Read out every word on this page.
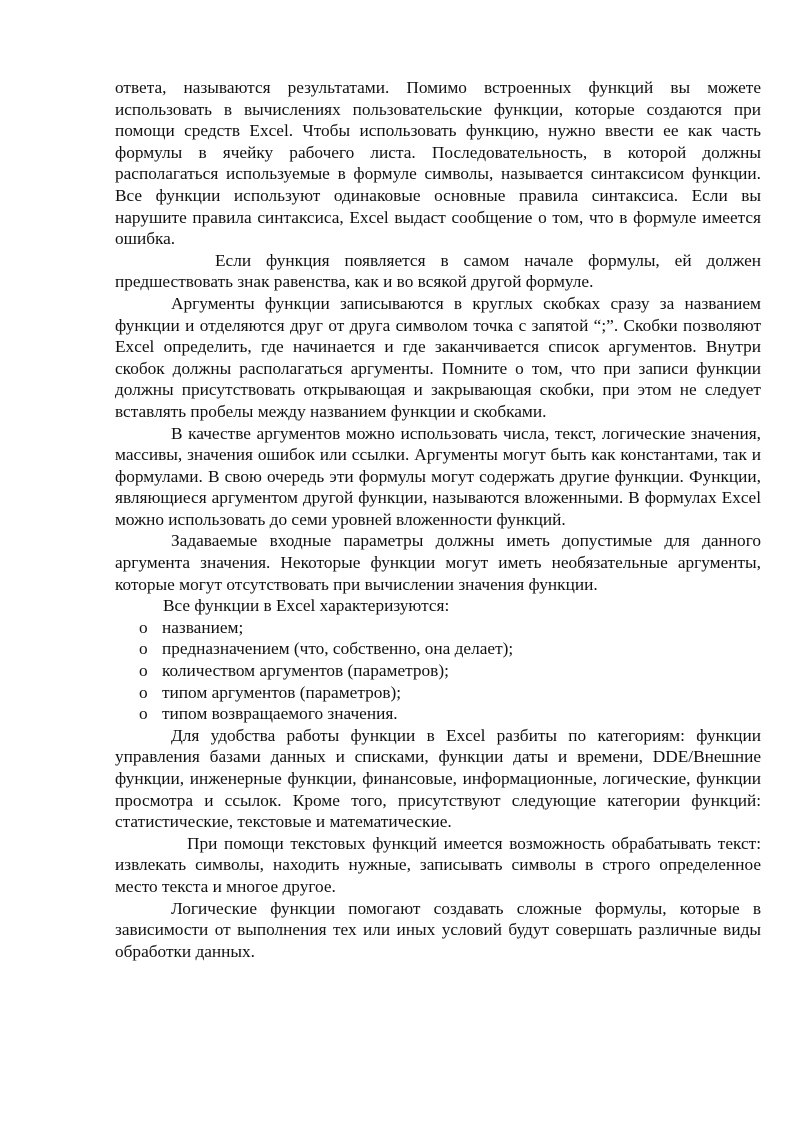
ответа, называются результатами. Помимо встроенных функций вы можете использовать в вычислениях пользовательские функции, которые создаются при помощи средств Excel. Чтобы использовать функцию, нужно ввести ее как часть формулы в ячейку рабочего листа. Последовательность, в которой должны располагаться используемые в формуле символы, называется синтаксисом функции. Все функции используют одинаковые основные правила синтаксиса. Если вы нарушите правила синтаксиса, Excel выдаст сообщение о том, что в формуле имеется ошибка.

Если функция появляется в самом начале формулы, ей должен предшествовать знак равенства, как и во всякой другой формуле.

Аргументы функции записываются в круглых скобках сразу за названием функции и отделяются друг от друга символом точка с запятой “;”. Скобки позволяют Excel определить, где начинается и где заканчивается список аргументов. Внутри скобок должны располагаться аргументы. Помните о том, что при записи функции должны присутствовать открывающая и закрывающая скобки, при этом не следует вставлять пробелы между названием функции и скобками.

В качестве аргументов можно использовать числа, текст, логические значения, массивы, значения ошибок или ссылки. Аргументы могут быть как константами, так и формулами. В свою очередь эти формулы могут содержать другие функции. Функции, являющиеся аргументом другой функции, называются вложенными. В формулах Excel можно использовать до семи уровней вложенности функций.

Задаваемые входные параметры должны иметь допустимые для данного аргумента значения. Некоторые функции могут иметь необязательные аргументы, которые могут отсутствовать при вычислении значения функции.

Все функции в Excel характеризуются:

o названием;
o предназначением (что, собственно, она делает);
o количеством аргументов (параметров);
o типом аргументов (параметров);
o типом возвращаемого значения.

Для удобства работы функции в Excel разбиты по категориям: функции управления базами данных и списками, функции даты и времени, DDE/Внешние функции, инженерные функции, финансовые, информационные, логические, функции просмотра и ссылок. Кроме того, присутствуют следующие категории функций: статистические, текстовые и математические.

При помощи текстовых функций имеется возможность обрабатывать текст: извлекать символы, находить нужные, записывать символы в строго определенное место текста и многое другое.

Логические функции помогают создавать сложные формулы, которые в зависимости от выполнения тех или иных условий будут совершать различные виды обработки данных.
